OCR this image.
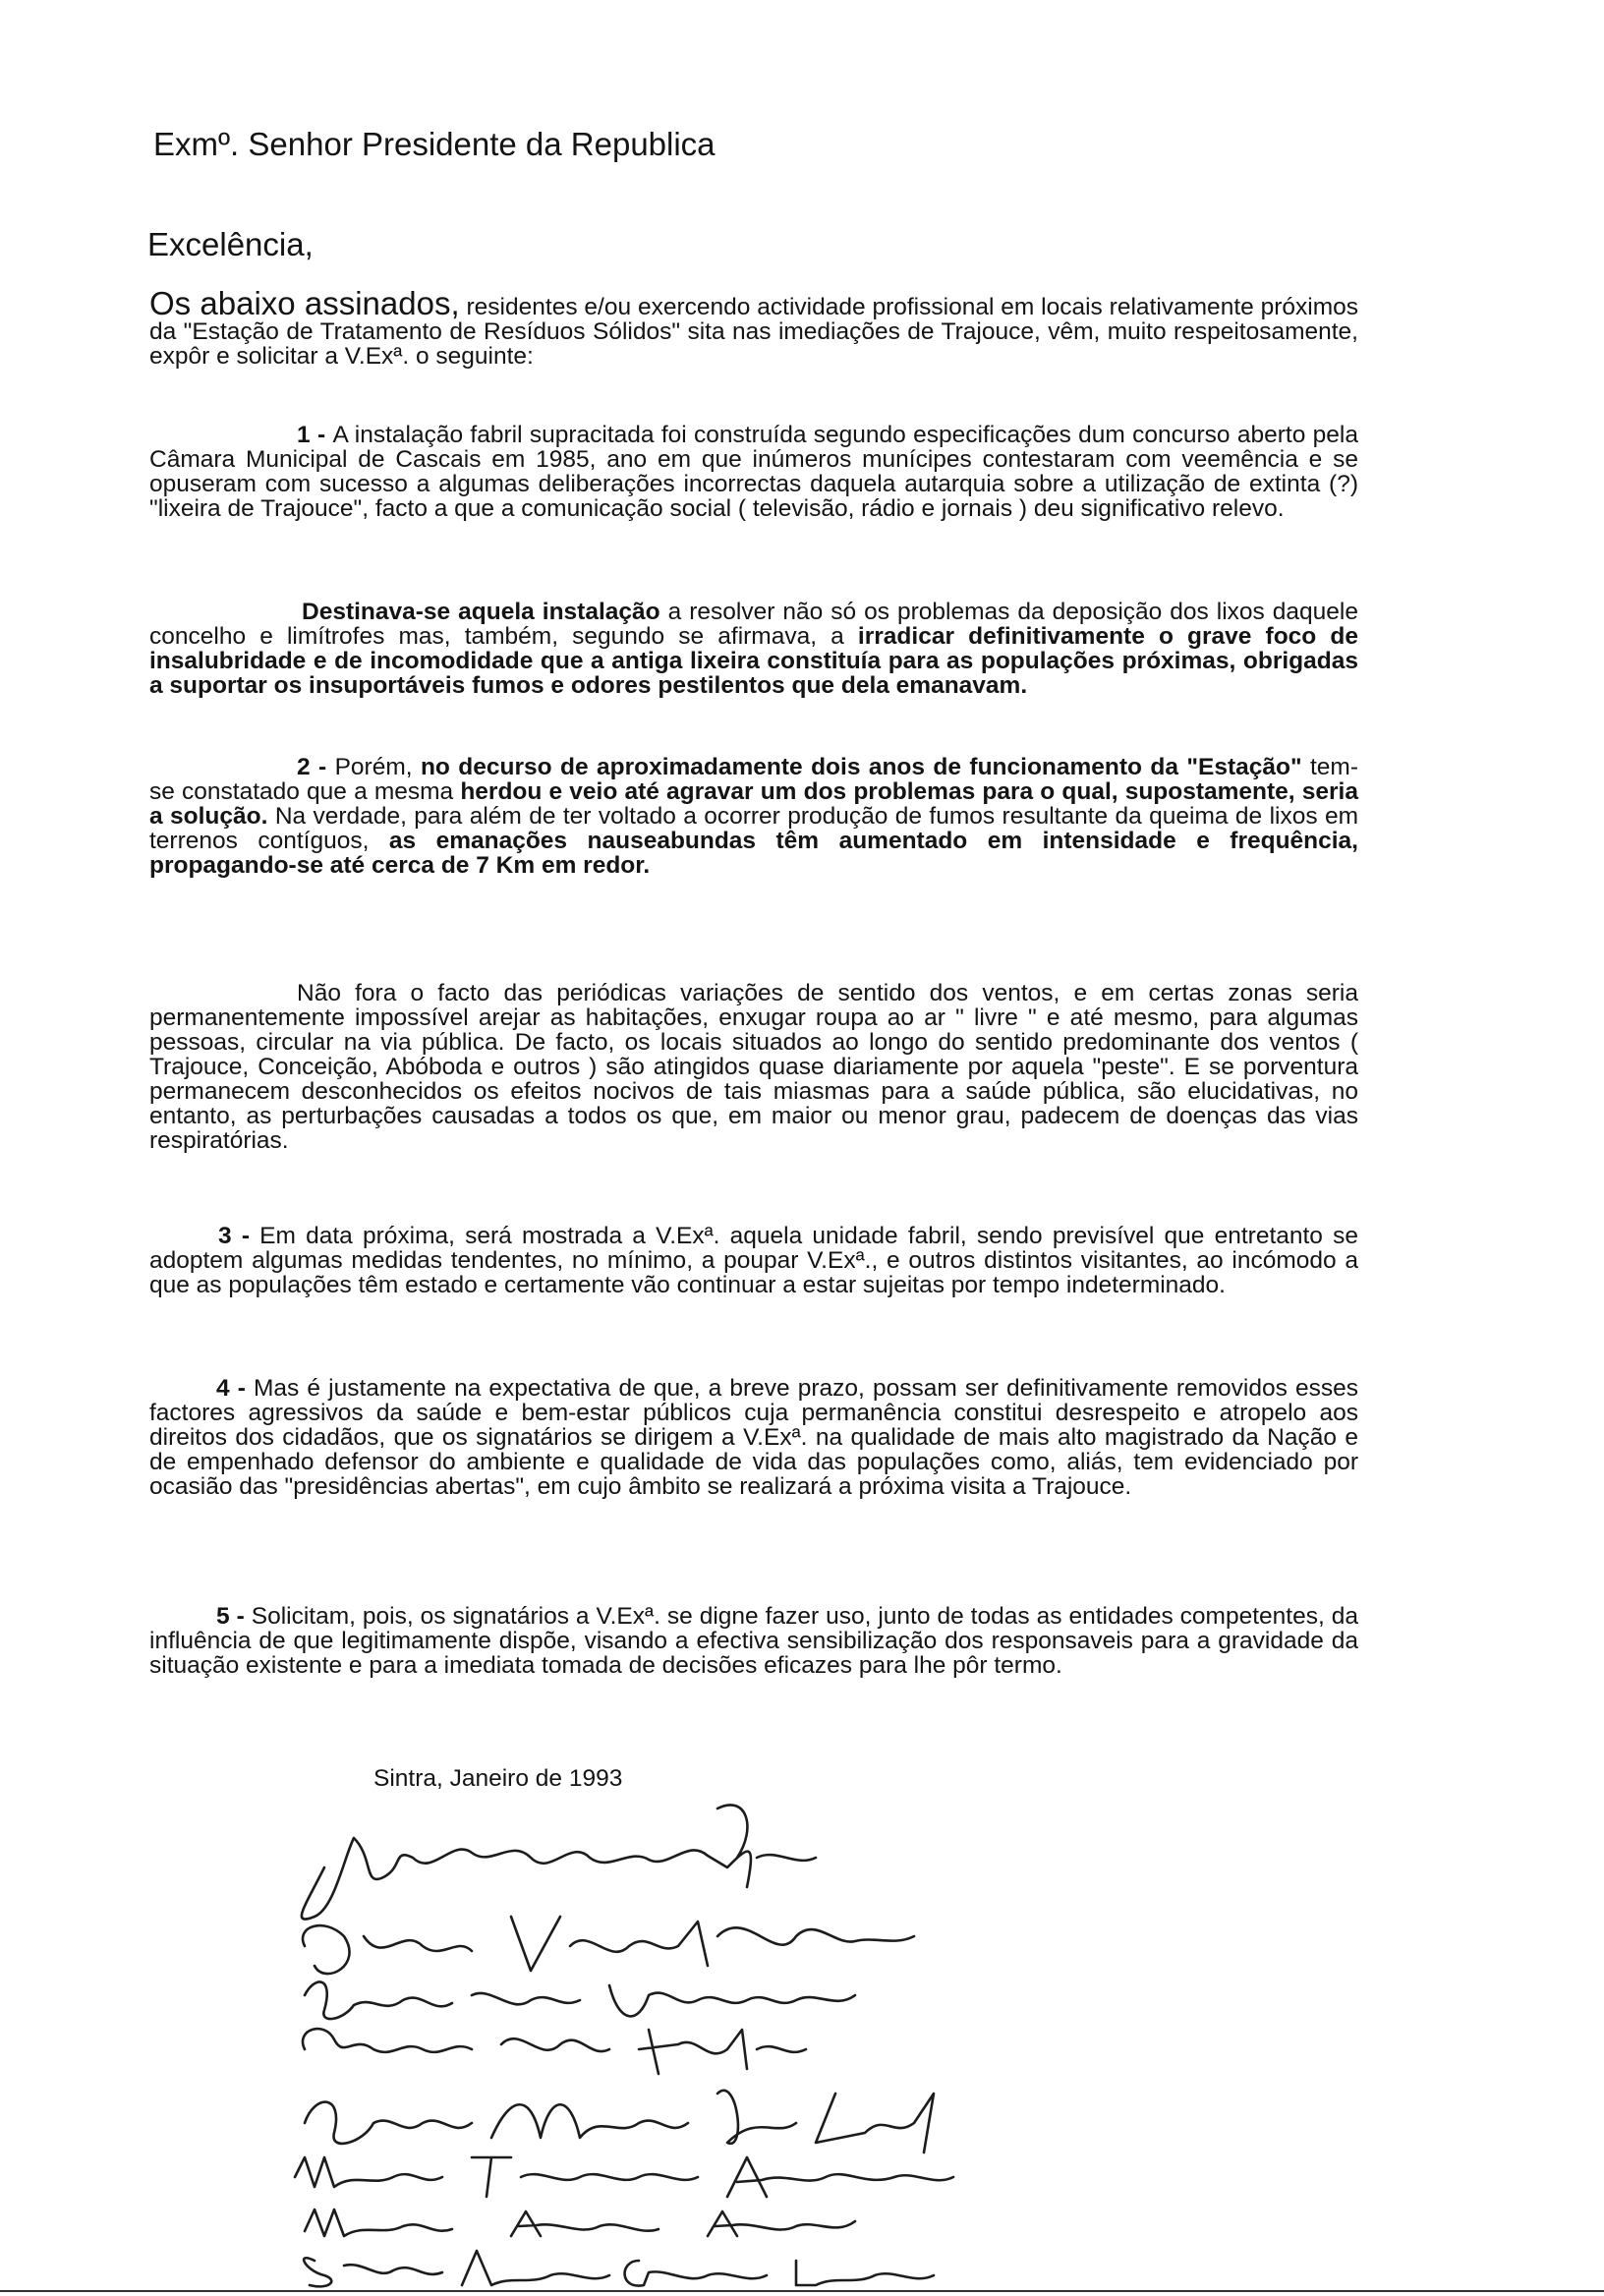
Exmº. Senhor Presidente da Republica
Excelência,
Os abaixo assinados, residentes e/ou exercendo actividade profissional em locais relativamente próximos da "Estação de Tratamento de Resíduos Sólidos" sita nas imediações de Trajouce, vêm, muito respeitosamente, expôr e solicitar a V.Exª. o seguinte:
1 - A instalação fabril supracitada foi construída segundo especificações dum concurso aberto pela Câmara Municipal de Cascais em 1985, ano em que inúmeros munícipes contestaram com veemência e se opuseram com sucesso a algumas deliberações incorrectas daquela autarquia sobre a utilização de extinta (?) "lixeira de Trajouce", facto a que a comunicação social ( televisão, rádio e jornais ) deu significativo relevo.
Destinava-se aquela instalação a resolver não só os problemas da deposição dos lixos daquele concelho e limítrofes mas, também, segundo se afirmava, a irradicar definitivamente o grave foco de insalubridade e de incomodidade que a antiga lixeira constituía para as populações próximas, obrigadas a suportar os insuportáveis fumos e odores pestilentos que dela emanavam.
2 - Porém, no decurso de aproximadamente dois anos de funcionamento da "Estação" tem-se constatado que a mesma herdou e veio até agravar um dos problemas para o qual, supostamente, seria a solução. Na verdade, para além de ter voltado a ocorrer produção de fumos resultante da queima de lixos em terrenos contíguos, as emanações nauseabundas têm aumentado em intensidade e frequência, propagando-se até cerca de 7 Km em redor.
Não fora o facto das periódicas variações de sentido dos ventos, e em certas zonas seria permanentemente impossível arejar as habitações, enxugar roupa ao ar " livre " e até mesmo, para algumas pessoas, circular na via pública. De facto, os locais situados ao longo do sentido predominante dos ventos ( Trajouce, Conceição, Abóboda e outros ) são atingidos quase diariamente por aquela "peste". E se porventura permanecem desconhecidos os efeitos nocivos de tais miasmas para a saúde pública, são elucidativas, no entanto, as perturbações causadas a todos os que, em maior ou menor grau, padecem de doenças das vias respiratórias.
3 - Em data próxima, será mostrada a V.Exª. aquela unidade fabril, sendo previsível que entretanto se adoptem algumas medidas tendentes, no mínimo, a poupar V.Exª., e outros distintos visitantes, ao incómodo a que as populações têm estado e certamente vão continuar a estar sujeitas por tempo indeterminado.
4 - Mas é justamente na expectativa de que, a breve prazo, possam ser definitivamente removidos esses factores agressivos da saúde e bem-estar públicos cuja permanência constitui desrespeito e atropelo aos direitos dos cidadãos, que os signatários se dirigem a V.Exª. na qualidade de mais alto magistrado da Nação e de empenhado defensor do ambiente e qualidade de vida das populações como, aliás, tem evidenciado por ocasião das "presidências abertas", em cujo âmbito se realizará a próxima visita a Trajouce.
5 - Solicitam, pois, os signatários a V.Exª. se digne fazer uso, junto de todas as entidades competentes, da influência de que legitimamente dispõe, visando a efectiva sensibilização dos responsaveis para a gravidade da situação existente e para a imediata tomada de decisões eficazes para lhe pôr termo.
Sintra, Janeiro de 1993
